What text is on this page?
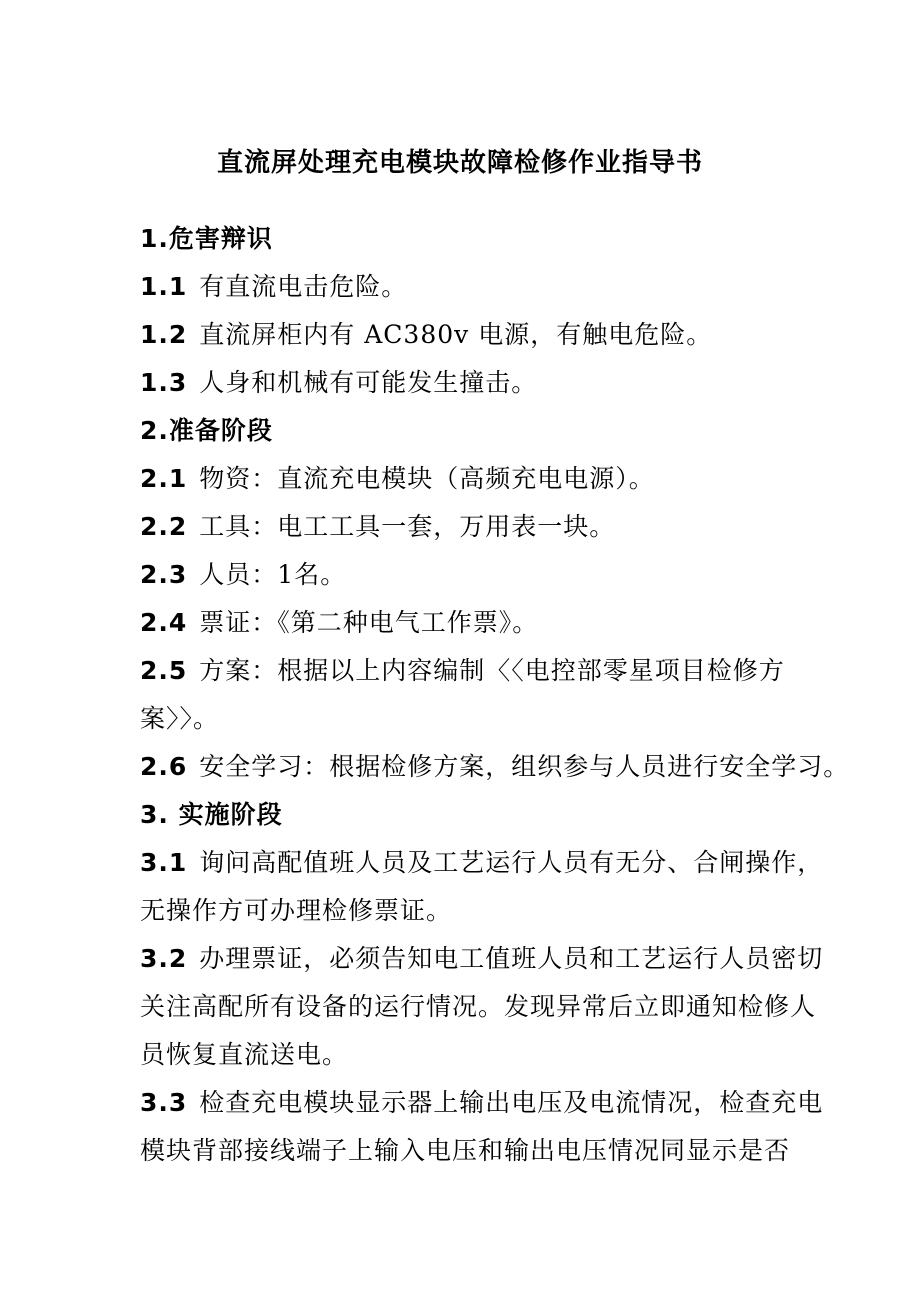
直流屏处理充电模块故障检修作业指导书
1.危害辩识
1.1 有直流电击危险。
1.2 直流屏柜内有 AC380v 电源，有触电危险。
1.3 人身和机械有可能发生撞击。
2.准备阶段
2.1 物资：直流充电模块（高频充电电源）。
2.2 工具：电工工具一套，万用表一块。
2.3 人员：1名。
2.4 票证：《第二种电气工作票》。
2.5 方案：根据以上内容编制〈〈电控部零星项目检修方
案〉〉。
2.6 安全学习：根据检修方案，组织参与人员进行安全学习。
3. 实施阶段
3.1 询问高配值班人员及工艺运行人员有无分、合闸操作，
无操作方可办理检修票证。
3.2 办理票证，必须告知电工值班人员和工艺运行人员密切
关注高配所有设备的运行情况。发现异常后立即通知检修人
员恢复直流送电。
3.3 检查充电模块显示器上输出电压及电流情况，检查充电
模块背部接线端子上输入电压和输出电压情况同显示是否
